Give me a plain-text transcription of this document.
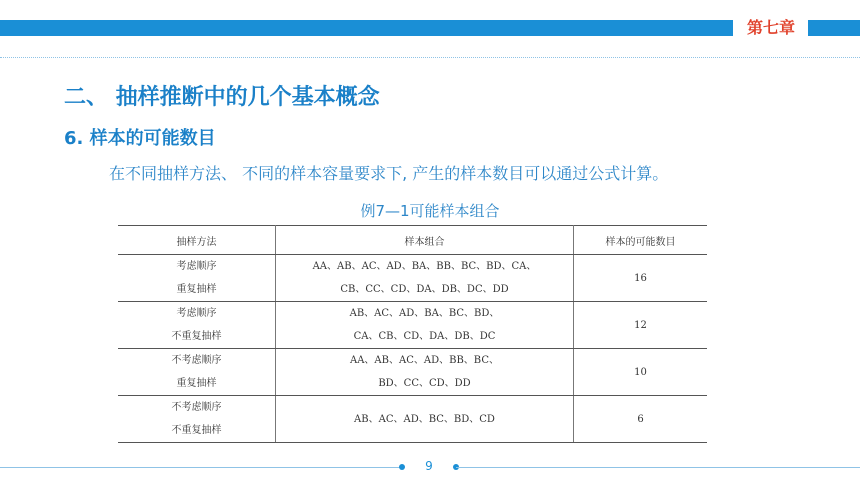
第七章
二、 抽样推断中的几个基本概念
6. 样本的可能数目
在不同抽样方法、 不同的样本容量要求下, 产生的样本数目可以通过公式计算。
例7—1可能样本组合
抽样方法	样本组合	样本的可能数目

考虑顺序
重复抽样	AA、AB、AC、AD、BA、BB、BC、BD、CA、
CB、CC、CD、DA、DB、DC、DD	16

考虑顺序
不重复抽样	AB、AC、AD、BA、BC、BD、
CA、CB、CD、DA、DB、DC	12

不考虑顺序
重复抽样	AA、AB、AC、AD、BB、BC、
BD、CC、CD、DD	10

不考虑顺序
不重复抽样	AB、AC、AD、BC、BD、CD	6
9
